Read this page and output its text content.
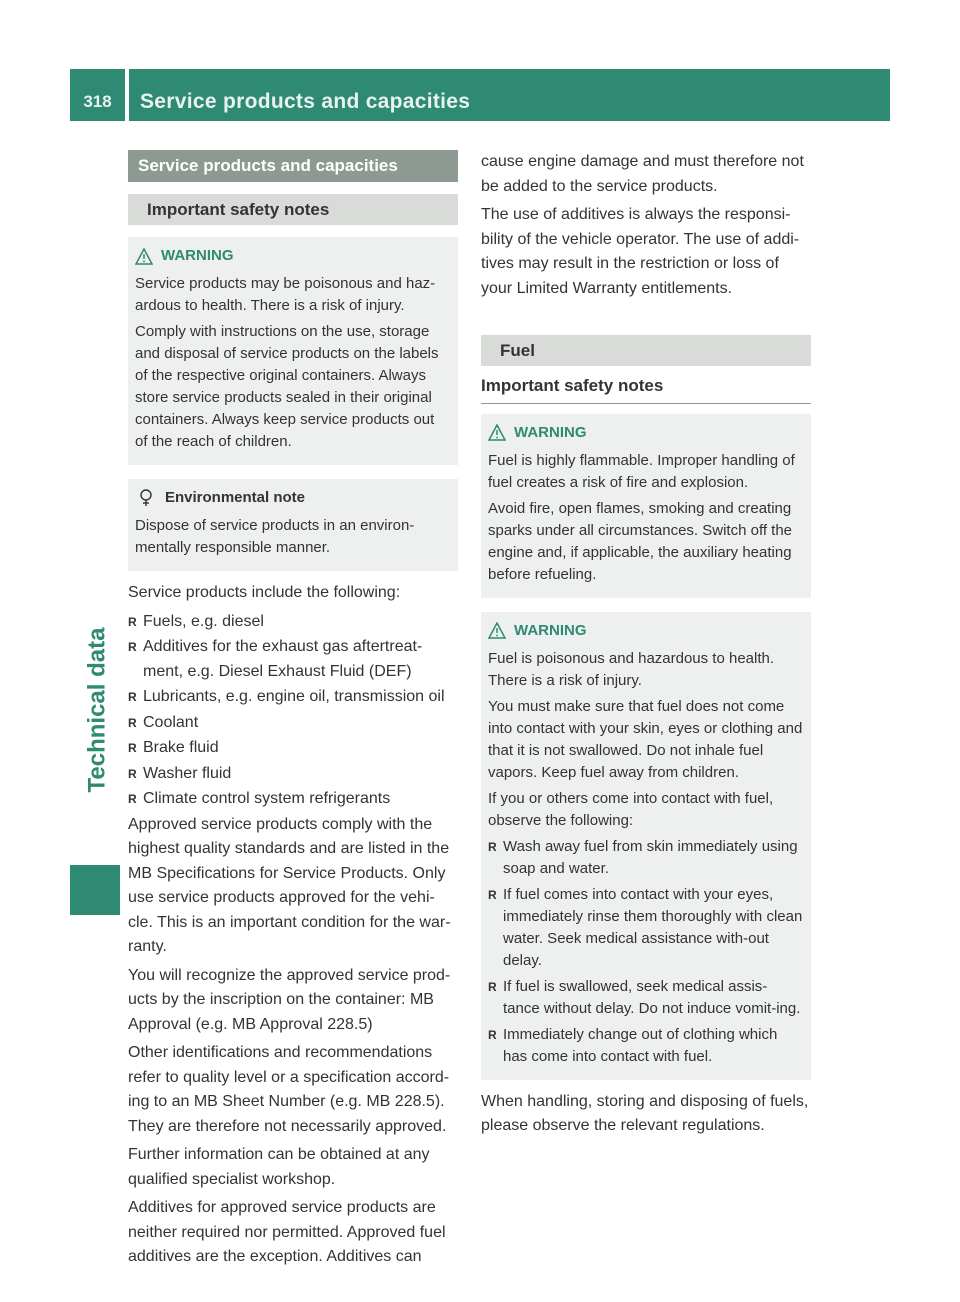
318	Service products and capacities
Technical data
Service products and capacities
Important safety notes
WARNING

Service products may be poisonous and haz-ardous to health. There is a risk of injury.

Comply with instructions on the use, storage and disposal of service products on the labels of the respective original containers. Always store service products sealed in their original containers. Always keep service products out of the reach of children.

Environmental note

Dispose of service products in an environ-mentally responsible manner.

Service products include the following:

R Fuels, e.g. diesel
R Additives for the exhaust gas aftertreat-ment, e.g. Diesel Exhaust Fluid (DEF)
R Lubricants, e.g. engine oil, transmission oil
R Coolant
R Brake fluid
R Washer fluid
R Climate control system refrigerants

Approved service products comply with the highest quality standards and are listed in the MB Specifications for Service Products. Only use service products approved for the vehi-cle. This is an important condition for the war-ranty.

You will recognize the approved service prod-ucts by the inscription on the container: MB Approval (e.g. MB Approval 228.5)

Other identifications and recommendations refer to quality level or a specification accord-ing to an MB Sheet Number (e.g. MB 228.5). They are therefore not necessarily approved.

Further information can be obtained at any qualified specialist workshop.

Additives for approved service products are neither required nor permitted. Approved fuel additives are the exception. Additives can

cause engine damage and must therefore not be added to the service products.

The use of additives is always the responsi-bility of the vehicle operator. The use of addi-tives may result in the restriction or loss of your Limited Warranty entitlements.

Fuel
Important safety notes
WARNING

Fuel is highly flammable. Improper handling of fuel creates a risk of fire and explosion.

Avoid fire, open flames, smoking and creating sparks under all circumstances. Switch off the engine and, if applicable, the auxiliary heating before refueling.

WARNING

Fuel is poisonous and hazardous to health. There is a risk of injury.

You must make sure that fuel does not come into contact with your skin, eyes or clothing and that it is not swallowed. Do not inhale fuel vapors. Keep fuel away from children.

If you or others come into contact with fuel, observe the following:

R Wash away fuel from skin immediately using soap and water.
R If fuel comes into contact with your eyes, immediately rinse them thoroughly with clean water. Seek medical assistance with-out delay.
R If fuel is swallowed, seek medical assis-tance without delay. Do not induce vomit-ing.
R Immediately change out of clothing which has come into contact with fuel.

When handling, storing and disposing of fuels, please observe the relevant regulations.
